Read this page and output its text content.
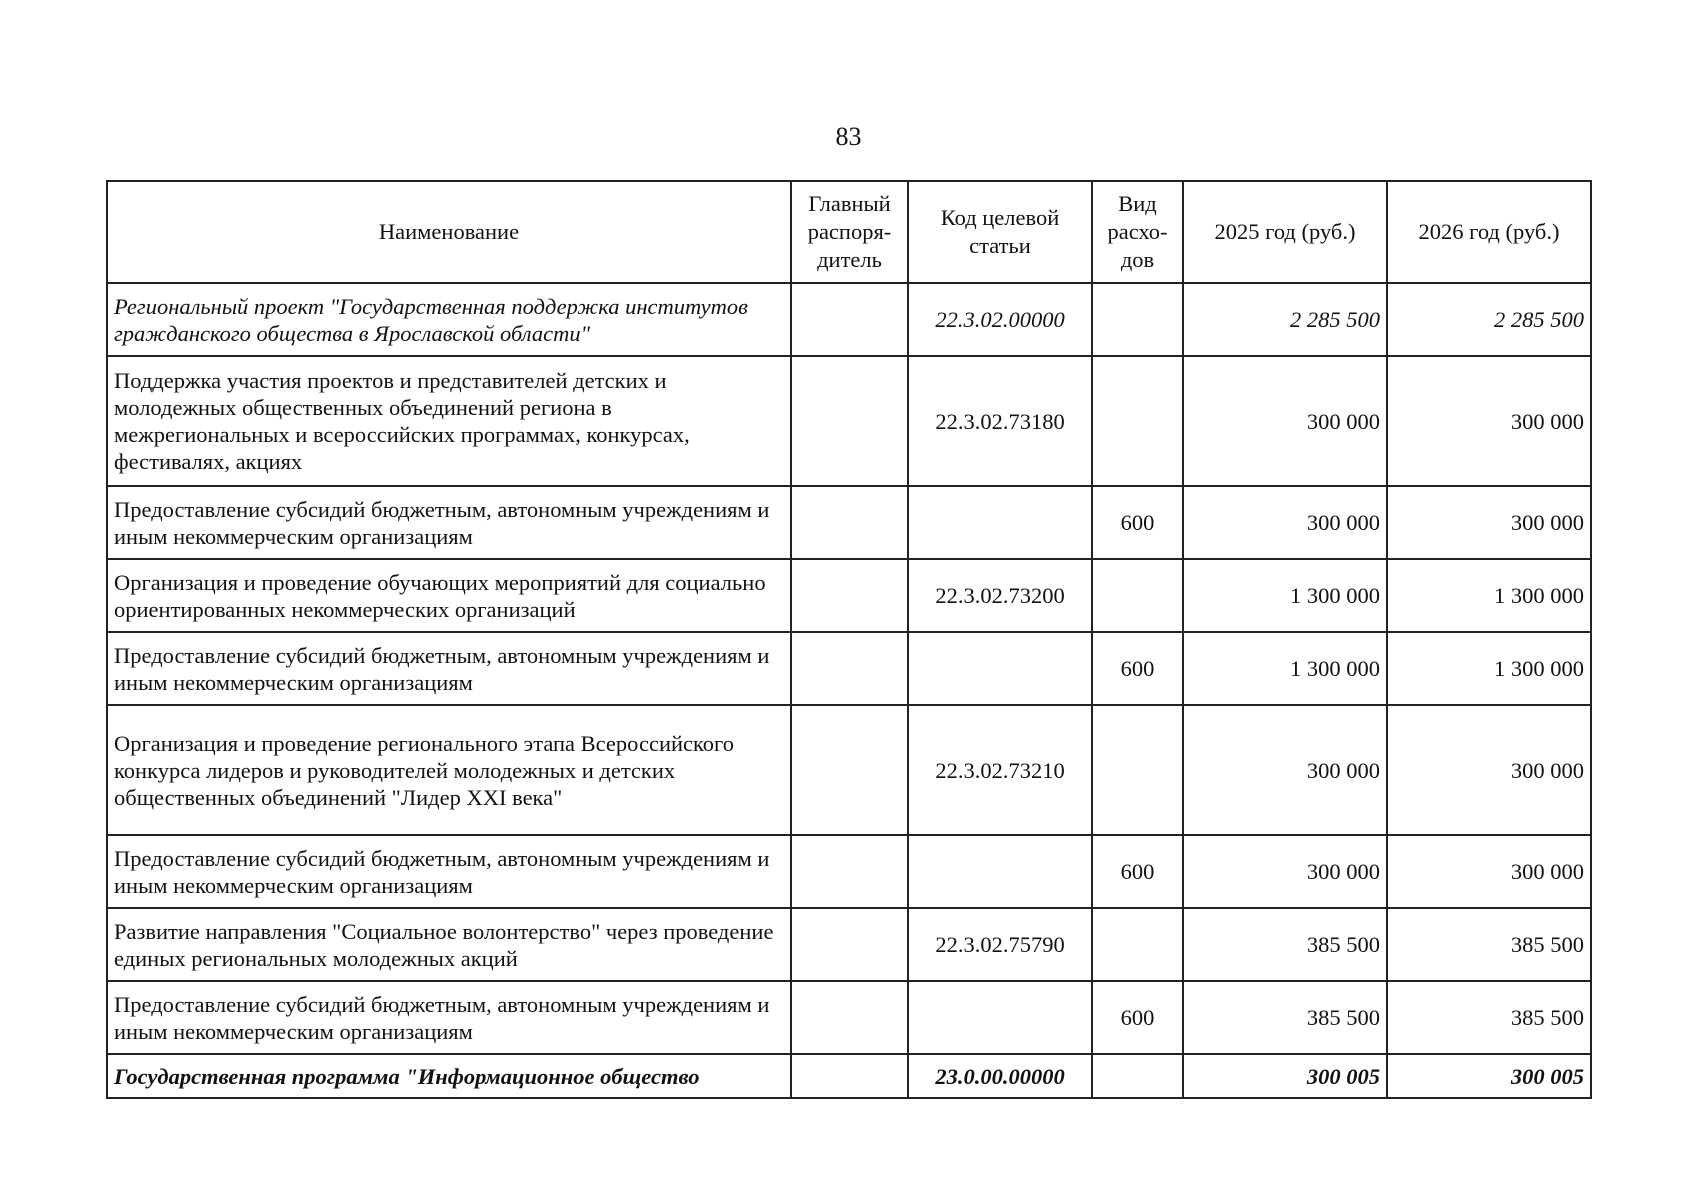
83
Наименование	Главный распоря- дитель	Код целевой статьи	Вид расхо- дов	2025 год (руб.)	2026 год (руб.)
Региональный проект "Государственная поддержка институтов гражданского общества в Ярославской области"		22.3.02.00000		2 285 500	2 285 500
Поддержка участия проектов и представителей детских и молодежных общественных объединений региона в межрегиональных и всероссийских программах, конкурсах, фестивалях, акциях		22.3.02.73180		300 000	300 000
Предоставление субсидий бюджетным, автономным учреждениям и иным некоммерческим организациям			600	300 000	300 000
Организация и проведение обучающих мероприятий для социально ориентированных некоммерческих организаций		22.3.02.73200		1 300 000	1 300 000
Предоставление субсидий бюджетным, автономным учреждениям и иным некоммерческим организациям			600	1 300 000	1 300 000
Организация и проведение регионального этапа Всероссийского конкурса лидеров и руководителей молодежных и детских общественных объединений "Лидер XXI века"		22.3.02.73210		300 000	300 000
Предоставление субсидий бюджетным, автономным учреждениям и иным некоммерческим организациям			600	300 000	300 000
Развитие направления "Социальное волонтерство" через проведение единых региональных молодежных акций		22.3.02.75790		385 500	385 500
Предоставление субсидий бюджетным, автономным учреждениям и иным некоммерческим организациям			600	385 500	385 500
Государственная программа "Информационное общество		23.0.00.00000		300 005	300 005
